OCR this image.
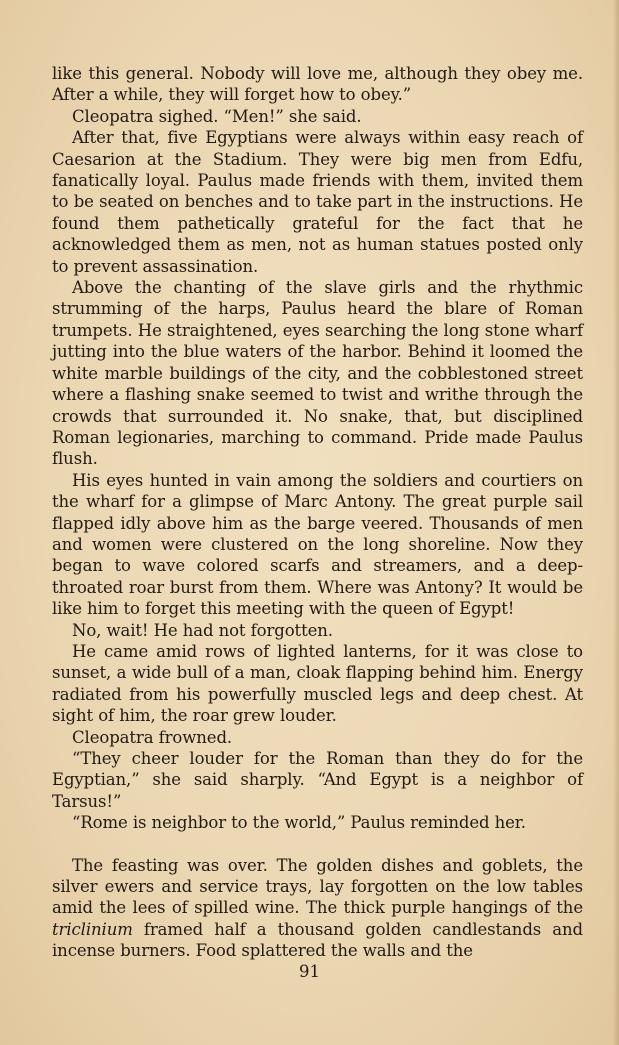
like this general. Nobody will love me, although they obey me. After a while, they will forget how to obey.”

Cleopatra sighed. “Men!” she said.

After that, five Egyptians were always within easy reach of Caesarion at the Stadium. They were big men from Edfu, fanatically loyal. Paulus made friends with them, invited them to be seated on benches and to take part in the instructions. He found them pathetically grateful for the fact that he acknowledged them as men, not as human statues posted only to prevent assassination.

Above the chanting of the slave girls and the rhythmic strumming of the harps, Paulus heard the blare of Roman trumpets. He straightened, eyes searching the long stone wharf jutting into the blue waters of the harbor. Behind it loomed the white marble buildings of the city, and the cobblestoned street where a flashing snake seemed to twist and writhe through the crowds that surrounded it. No snake, that, but disciplined Roman legionaries, marching to command. Pride made Paulus flush.

His eyes hunted in vain among the soldiers and courtiers on the wharf for a glimpse of Marc Antony. The great purple sail flapped idly above him as the barge veered. Thousands of men and women were clustered on the long shoreline. Now they began to wave colored scarfs and streamers, and a deep-throated roar burst from them. Where was Antony? It would be like him to forget this meeting with the queen of Egypt!

No, wait! He had not forgotten.

He came amid rows of lighted lanterns, for it was close to sunset, a wide bull of a man, cloak flapping behind him. Energy radiated from his powerfully muscled legs and deep chest. At sight of him, the roar grew louder.

Cleopatra frowned.

“They cheer louder for the Roman than they do for the Egyptian,” she said sharply. “And Egypt is a neighbor of Tarsus!”

“Rome is neighbor to the world,” Paulus reminded her.

The feasting was over. The golden dishes and goblets, the silver ewers and service trays, lay forgotten on the low tables amid the lees of spilled wine. The thick purple hangings of the triclinium framed half a thousand golden candlestands and incense burners. Food splattered the walls and the

91
